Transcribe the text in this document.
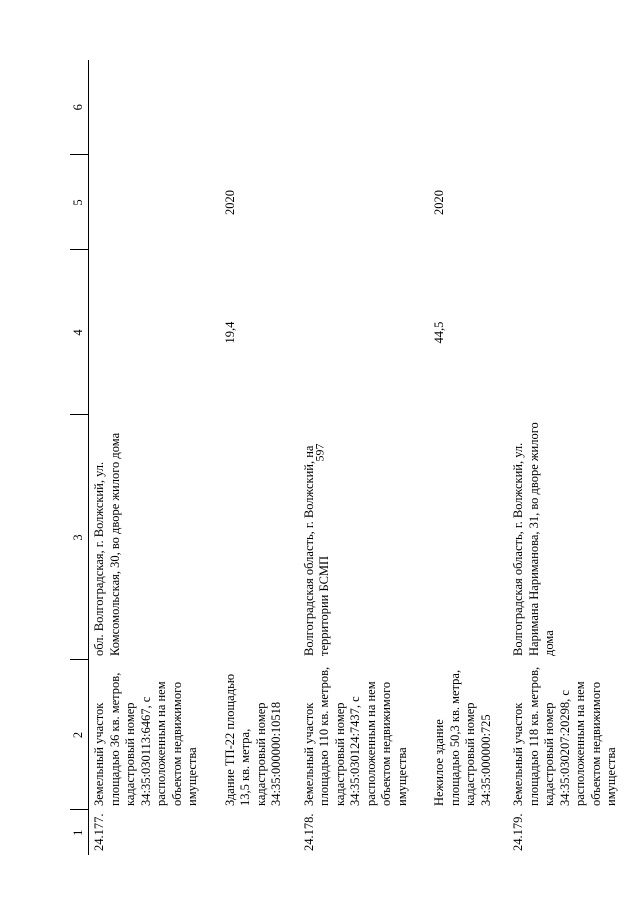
597
1	2	3	4	5	6
24.177.	Земельный участок площадью 36 кв. метров, кадастровый номер 34:35:030113:6467, с расположенным на нем объектом недвижимого имущества	обл. Волгоградская, г. Волжский, ул. Комсомольская, 30, во дворе жилого дома			
	Здание ТП-22 площадью 13,5 кв. метра, кадастровый номер 34:35:000000:10518		19,4	2020	

24.178.	Земельный участок площадью 110 кв. метров, кадастровый номер 34:35:030124:7437, с расположенным на нем объектом недвижимого имущества	Волгоградская область, г. Волжский, на территории БСМП			
	Нежилое здание площадью 50,3 кв. метра, кадастровый номер 34:35:000000:725		44,5	2020	

24.179.	Земельный участок площадью 118 кв. метров, кадастровый номер 34:35:030207:20298, с расположенным на нем объектом недвижимого имущества	Волгоградская область, г. Волжский, ул. Наримана Нариманова, 31, во дворе жилого дома			
